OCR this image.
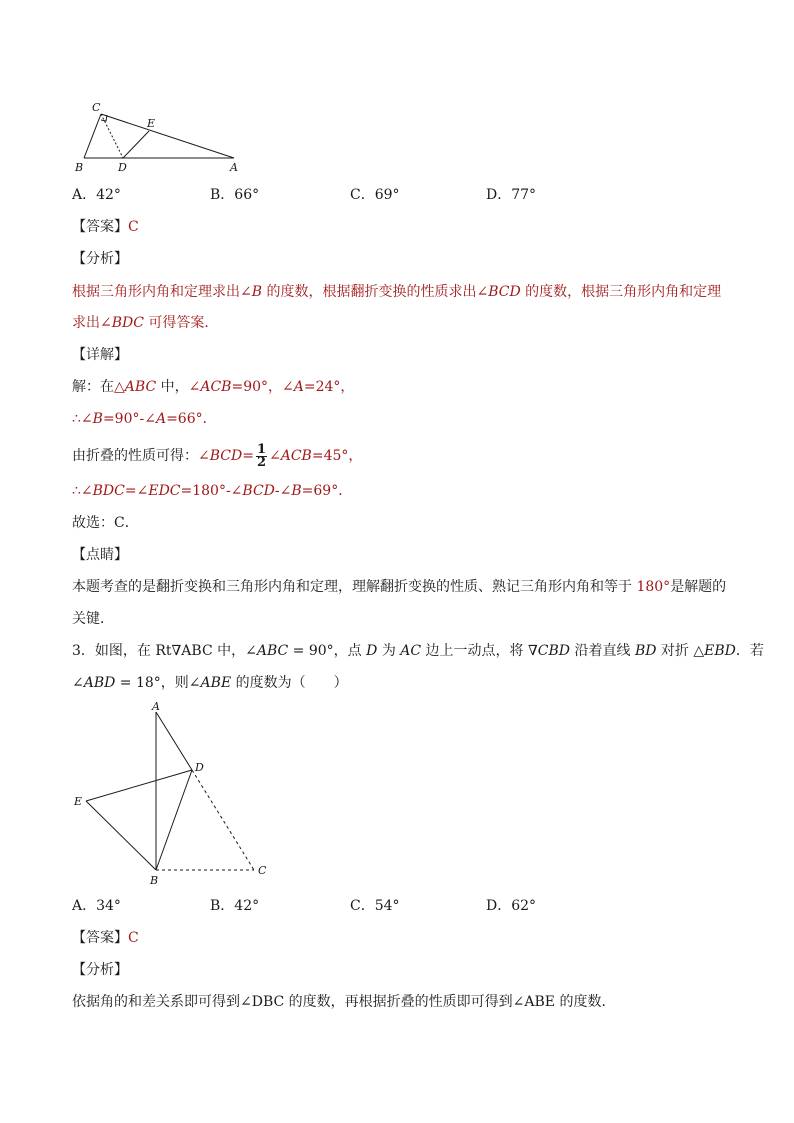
C
E
B	D	A
A．42°	B．66°	C．69°	D．77°
【答案】C
【分析】
根据三角形内角和定理求出∠B 的度数，根据翻折变换的性质求出∠BCD 的度数，根据三角形内角和定理
求出∠BDC 可得答案．
【详解】
解：在△ABC 中，∠ACB=90°，∠A=24°，
∴∠B=90°-∠A=66°．
由折叠的性质可得：∠BCD= $\frac{1}{2}$ ∠ACB=45°，
∴∠BDC=∠EDC=180°-∠BCD-∠B=69°．
故选：C．
【点睛】
本题考查的是翻折变换和三角形内角和定理，理解翻折变换的性质、熟记三角形内角和等于 180°是解题的
关键．
3．如图，在 Rt∇ABC 中，∠ABC = 90°，点 D 为 AC 边上一动点，将 ∇CBD 沿着直线 BD 对折 △EBD．若
∠ABD = 18°，则∠ABE 的度数为（　　）
A
D
E
B
C
A．34°	B．42°	C．54°	D．62°
【答案】C
【分析】
依据角的和差关系即可得到∠DBC 的度数，再根据折叠的性质即可得到∠ABE 的度数．
